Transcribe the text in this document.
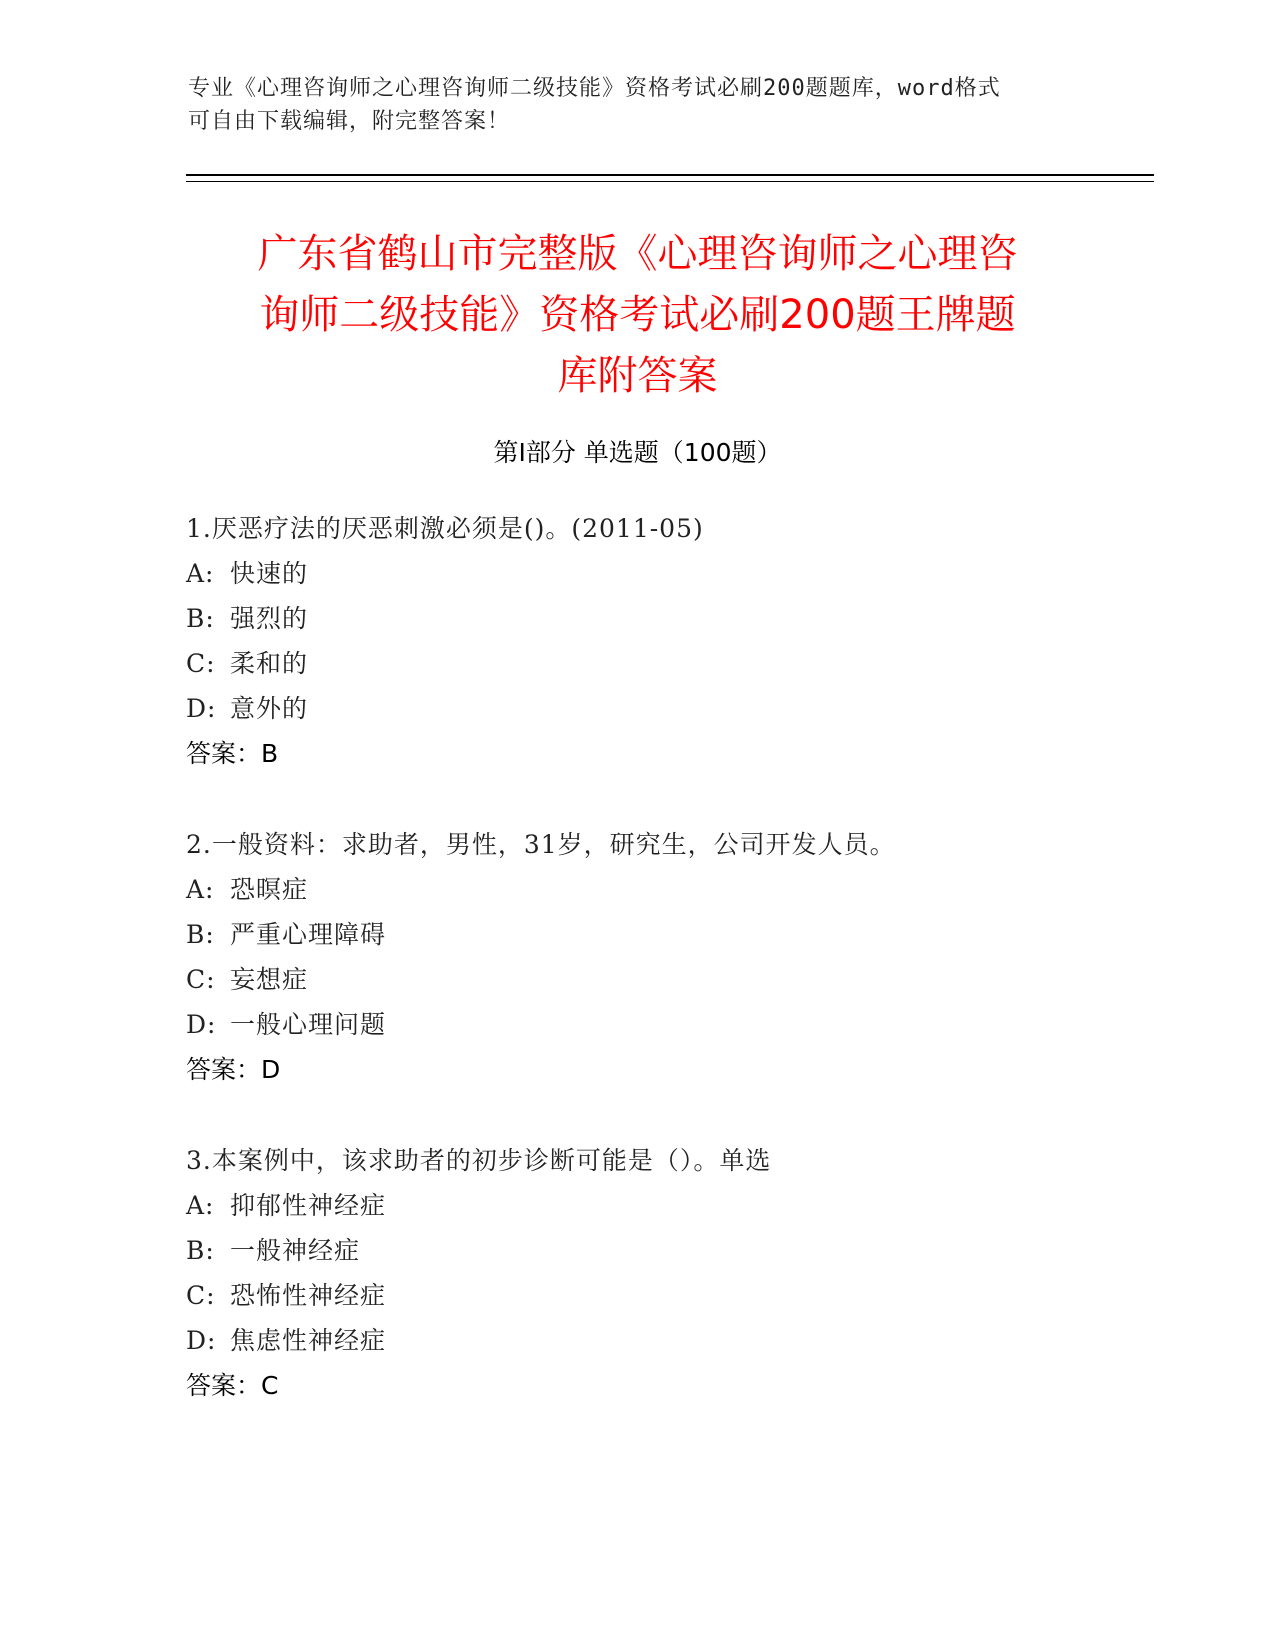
专业《心理咨询师之心理咨询师二级技能》资格考试必刷200题题库，word格式
可自由下载编辑，附完整答案！
广东省鹤山市完整版《心理咨询师之心理咨
询师二级技能》资格考试必刷200题王牌题
库附答案
第Ⅰ部分 单选题（100题）
1.厌恶疗法的厌恶刺激必须是()。(2011-05)
A: 快速的
B: 强烈的
C: 柔和的
D: 意外的
答案：B
2.一般资料：求助者，男性，31岁，研究生，公司开发人员。
A: 恐暝症
B: 严重心理障碍
C: 妄想症
D: 一般心理问题
答案：D
3.本案例中，该求助者的初步诊断可能是（）。单选
A: 抑郁性神经症
B: 一般神经症
C: 恐怖性神经症
D: 焦虑性神经症
答案：C
